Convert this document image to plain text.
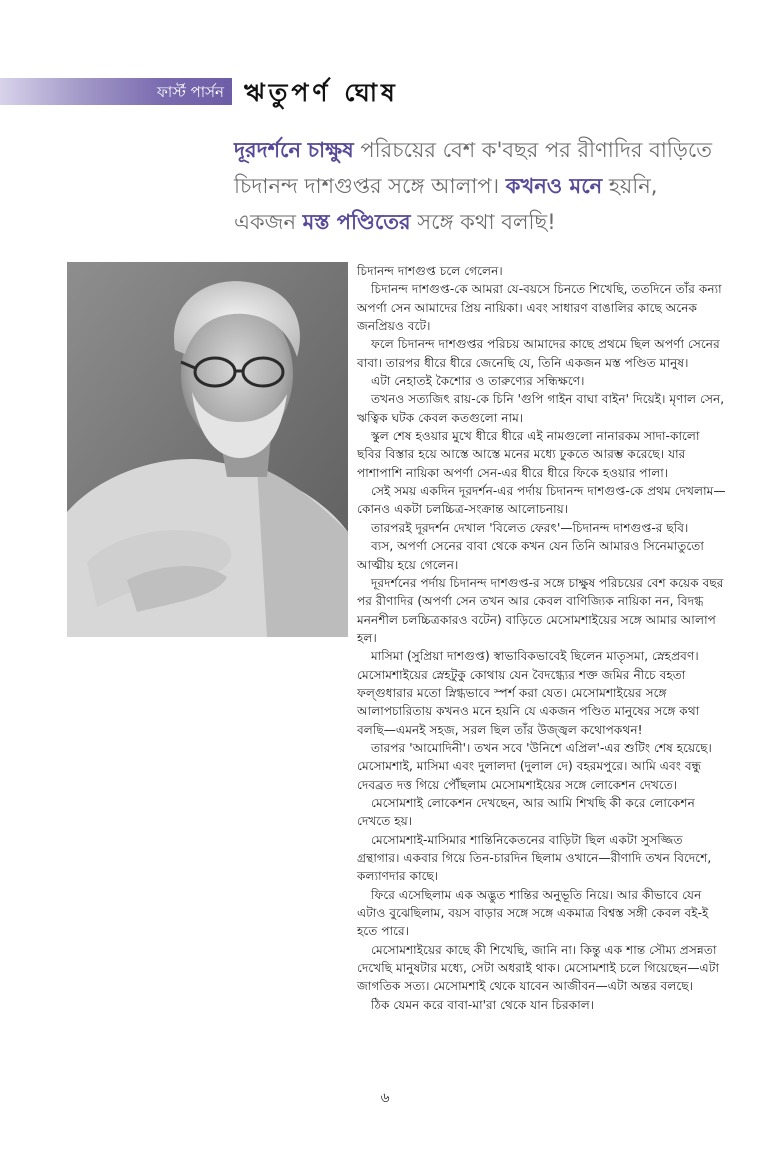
ফার্স্ট পার্সন ঋতুপর্ণ ঘোষ
দূরদর্শনে চাক্ষুষ পরিচয়ের বেশ ক'বছর পর রীণাদির বাড়িতে চিদানন্দ দাশগুপ্তর সঙ্গে আলাপ। কখনও মনে হয়নি, একজন মস্ত পণ্ডিতের সঙ্গে কথা বলছি!

চিদানন্দ দাশগুপ্ত চলে গেলেন।

চিদানন্দ দাশগুপ্ত-কে আমরা যে-বয়সে চিনতে শিখেছি, ততদিনে তাঁর কন্যা অপর্ণা সেন আমাদের প্রিয় নায়িকা। এবং সাধারণ বাঙালির কাছে অনেক জনপ্রিয়ও বটে।

ফলে চিদানন্দ দাশগুপ্তর পরিচয় আমাদের কাছে প্রথমে ছিল অপর্ণা সেনের বাবা। তারপর ধীরে ধীরে জেনেছি যে, তিনি একজন মস্ত পণ্ডিত মানুষ।

এটা নেহাতই কৈশোর ও তারুণ্যের সন্ধিক্ষণে।

তখনও সত্যজিৎ রায়-কে চিনি 'গুপি গাইন বাঘা বাইন' দিয়েই। মৃণাল সেন, ঋত্বিক ঘটক কেবল কতগুলো নাম।

স্কুল শেষ হওয়ার মুখে ধীরে ধীরে এই নামগুলো নানারকম সাদা-কালো ছবির বিস্তার হয়ে আস্তে আস্তে মনের মধ্যে ঢুকতে আরম্ভ করেছে। যার পাশাপাশি নায়িকা অপর্ণা সেন-এর ধীরে ধীরে ফিকে হওয়ার পালা।

সেই সময় একদিন দূরদর্শন-এর পর্দায় চিদানন্দ দাশগুপ্ত-কে প্রথম দেখলাম—কোনও একটা চলচ্চিত্র-সংক্রান্ত আলোচনায়।

তারপরই দূরদর্শন দেখাল 'বিলেত ফেরৎ'—চিদানন্দ দাশগুপ্ত-র ছবি।

ব্যস, অপর্ণা সেনের বাবা থেকে কখন যেন তিনি আমারও সিনেমাতুতো আত্মীয় হয়ে গেলেন।

দূরদর্শনের পর্দায় চিদানন্দ দাশগুপ্ত-র সঙ্গে চাক্ষুষ পরিচয়ের বেশ কয়েক বছর পর রীণাদির (অপর্ণা সেন তখন আর কেবল বাণিজ্যিক নায়িকা নন, বিদগ্ধ মননশীল চলচ্চিত্রকারও বটেন) বাড়িতে মেসোমশাইয়ের সঙ্গে আমার আলাপ হল।

মাসিমা (সুপ্রিয়া দাশগুপ্ত) স্বাভাবিকভাবেই ছিলেন মাতৃসমা, স্নেহপ্রবণ। মেসোমশাইয়ের স্নেহটুকু কোথায় যেন বৈদগ্ধ্যের শক্ত জমির নীচে বহতা ফল্গুধারার মতো স্নিগ্ধভাবে স্পর্শ করা যেত। মেসোমশাইয়ের সঙ্গে আলাপচারিতায় কখনও মনে হয়নি যে একজন পণ্ডিত মানুষের সঙ্গে কথা বলছি—এমনই সহজ, সরল ছিল তাঁর উজ্জ্বল কথোপকথন!

তারপর 'আমোদিনী'। তখন সবে 'উনিশে এপ্রিল'-এর শুটিং শেষ হয়েছে। মেসোমশাই, মাসিমা এবং দুলালদা (দুলাল দে) বহরমপুরে। আমি এবং বন্ধু দেবব্রত দত্ত গিয়ে পৌঁছলাম মেসোমশাইয়ের সঙ্গে লোকেশন দেখতে।

মেসোমশাই লোকেশন দেখছেন, আর আমি শিখছি কী করে লোকেশন দেখতে হয়।

মেসোমশাই-মাসিমার শান্তিনিকেতনের বাড়িটা ছিল একটা সুসজ্জিত গ্রন্থাগার। একবার গিয়ে তিন-চারদিন ছিলাম ওখানে—রীণাদি তখন বিদেশে, কল্যাণদার কাছে।

ফিরে এসেছিলাম এক অদ্ভুত শান্তির অনুভূতি নিয়ে। আর কীভাবে যেন এটাও বুঝেছিলাম, বয়স বাড়ার সঙ্গে সঙ্গে একমাত্র বিশ্বস্ত সঙ্গী কেবল বই-ই হতে পারে।

মেসোমশাইয়ের কাছে কী শিখেছি, জানি না। কিন্তু এক শান্ত সৌম্য প্রসন্নতা দেখেছি মানুষটার মধ্যে, সেটা অধরাই থাক। মেসোমশাই চলে গিয়েছেন—এটা জাগতিক সত্য। মেসোমশাই থেকে যাবেন আজীবন—এটা অন্তর বলছে।

ঠিক যেমন করে বাবা-মা'রা থেকে যান চিরকাল।

৬
